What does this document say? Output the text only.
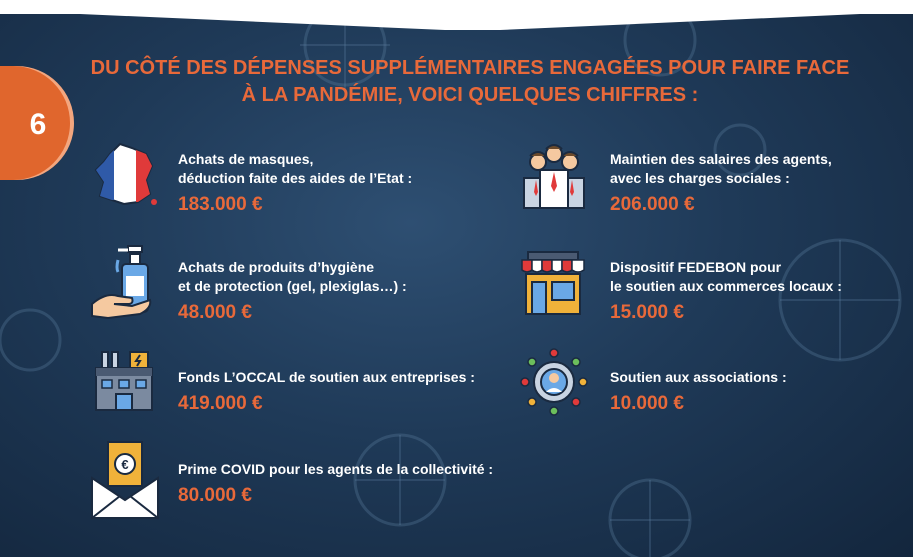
6
DU CÔTÉ DES DÉPENSES SUPPLÉMENTAIRES ENGAGÉES POUR FAIRE FACE
À LA PANDÉMIE, VOICI QUELQUES CHIFFRES :
€
Achats de masques,
déduction faite des aides de l’Etat :
183.000 €
Achats de produits d’hygiène
et de protection (gel, plexiglas…) :
48.000 €
Fonds L’OCCAL de soutien aux entreprises :
419.000 €
Prime COVID pour les agents de la collectivité :
80.000 €
Maintien des salaires des agents,
avec les charges sociales :
206.000 €
Dispositif FEDEBON pour
le soutien aux commerces locaux :
15.000 €
Soutien aux associations :
10.000 €
